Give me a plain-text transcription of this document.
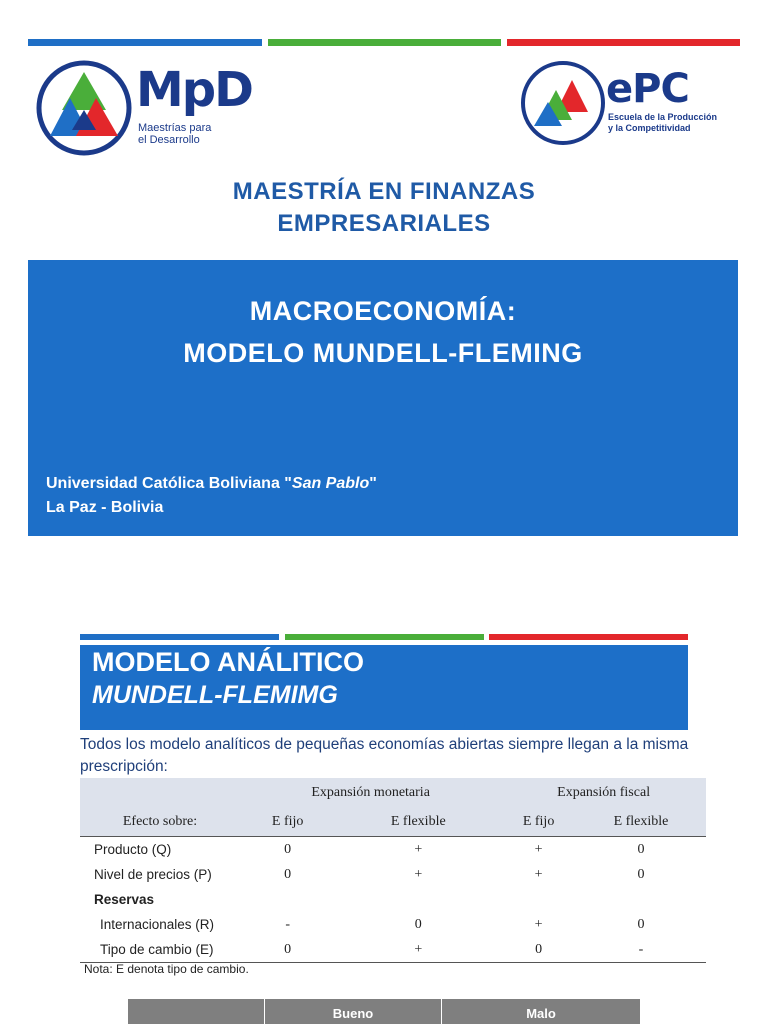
MpD
Maestrías para
el Desarrollo
ePC
Escuela de la Producción
y la Competitividad
MAESTRÍA EN FINANZAS
EMPRESARIALES
MACROECONOMÍA:
MODELO MUNDELL-FLEMING
Universidad Católica Boliviana "San Pablo"
La Paz - Bolivia
MODELO ANÁLITICO
MUNDELL-FLEMIMG
Todos los modelo analíticos de pequeñas economías abiertas siempre llegan a la misma prescripción:
	Expansión monetaria		Expansión fiscal	
Efecto sobre:	E fijo	E flexible	E fijo	E flexible
Producto (Q)	0	+	+	0
Nivel de precios (P)	0	+	+	0
Reservas				
Internacionales (R)	-	0	+	0
Tipo de cambio (E)	0	+	0	-
Nota: E denota tipo de cambio.
Bueno	Malo
